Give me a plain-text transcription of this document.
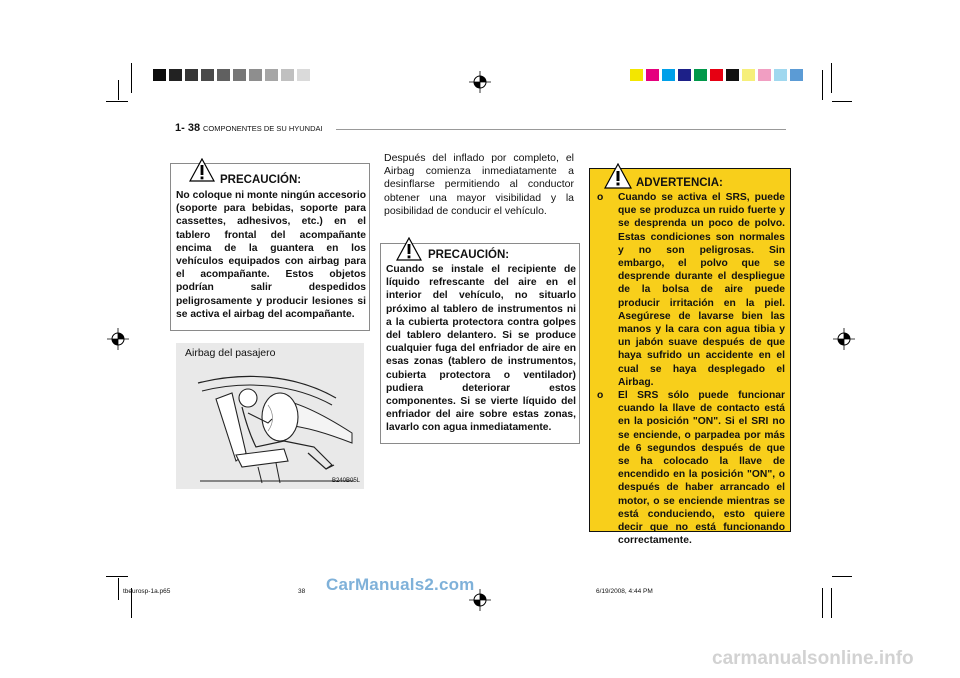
1- 38 COMPONENTES DE SU HYUNDAI
PRECAUCIÓN:
No coloque ni monte ningún accesorio (soporte para bebidas, soporte para cassettes, adhesivos, etc.) en el tablero frontal del acompañante encima de la guantera en los vehículos equipados con airbag para el acompañante. Estos objetos podrían salir despedidos peligrosamente y producir lesiones si se activa el airbag del acompañante.
Airbag del pasajero
B240B05L
Después del inflado por completo, el Airbag comienza inmediatamente a desinflarse permitiendo al conductor obtener una mayor visibilidad y la posibilidad de conducir el vehículo.
PRECAUCIÓN:
Cuando se instale el recipiente de líquido refrescante del aire en el interior del vehículo, no situarlo próximo al tablero de instrumentos ni a la cubierta protectora contra golpes del tablero delantero. Si se produce cualquier fuga del enfriador de aire en esas zonas (tablero de instrumentos, cubierta protectora o ventilador) pudiera deteriorar estos componentes. Si se vierte líquido del enfriador del aire sobre estas zonas, lavarlo con agua inmediatamente.
ADVERTENCIA:
o Cuando se activa el SRS, puede que se produzca un ruido fuerte y se desprenda un poco de polvo. Estas condiciones son normales y no son peligrosas. Sin embargo, el polvo que se desprende durante el despliegue de la bolsa de aire puede producir irritación en la piel. Asegúrese de lavarse bien las manos y la cara con agua tibia y un jabón suave después de que haya sufrido un accidente en el cual se haya desplegado el Airbag.
o El SRS sólo puede funcionar cuando la llave de contacto está en la posición "ON". Si el SRI no se enciende, o parpadea por más de 6 segundos después de que se ha colocado la llave de encendido en la posición "ON", o después de haber arrancado el motor, o se enciende mientras se está conduciendo, esto quiere decir que no está funcionando correctamente.
CarManuals2.com
tbeurosp-1a.p65	38	6/19/2008, 4:44 PM
carmanualsonline.info
